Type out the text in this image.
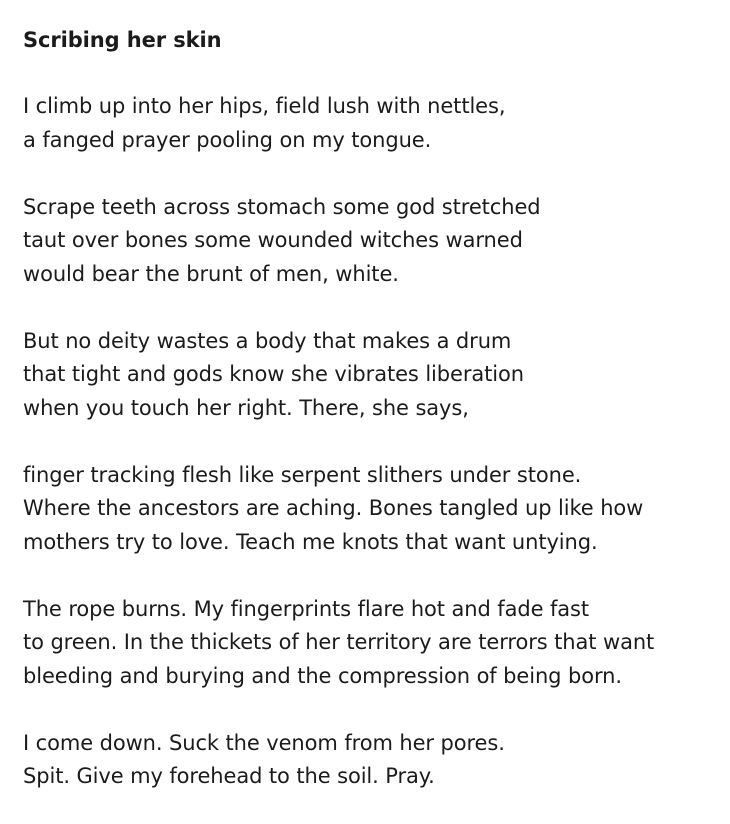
Scribing her skin
I climb up into her hips, field lush with nettles,
a fanged prayer pooling on my tongue.
Scrape teeth across stomach some god stretched
taut over bones some wounded witches warned
would bear the brunt of men, white.
But no deity wastes a body that makes a drum
that tight and gods know she vibrates liberation
when you touch her right. There, she says,
finger tracking flesh like serpent slithers under stone.
Where the ancestors are aching. Bones tangled up like how
mothers try to love. Teach me knots that want untying.
The rope burns. My fingerprints flare hot and fade fast
to green. In the thickets of her territory are terrors that want
bleeding and burying and the compression of being born.
I come down. Suck the venom from her pores.
Spit. Give my forehead to the soil. Pray.
